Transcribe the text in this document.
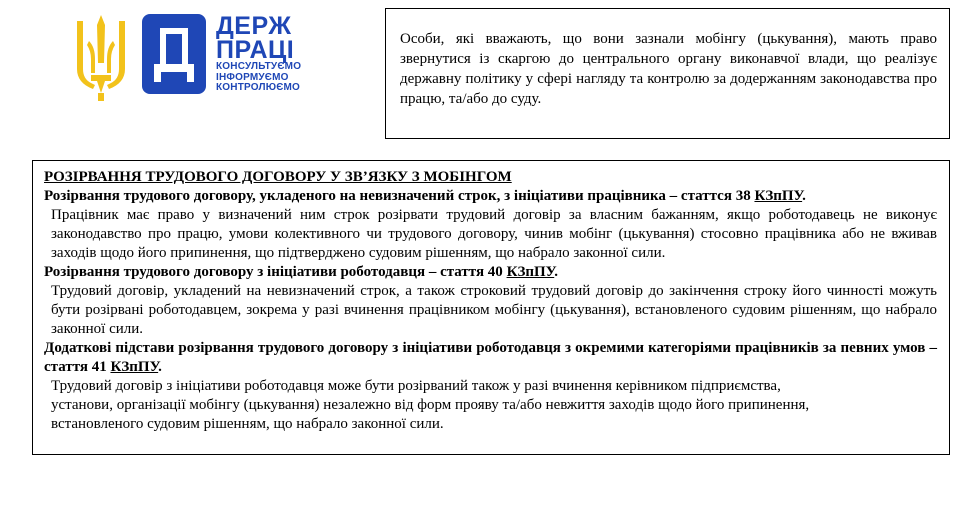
ДЕРЖ
ПРАЦІ
КОНСУЛЬТУЄМО
ІНФОРМУЄМО
КОНТРОЛЮЄМО

Особи, які вважають, що вони зазнали мобінгу (цькування), мають право звернутися із скаргою до центрального органу виконавчої влади, що реалізує державну політику у сфері нагляду та контролю за додержанням законодавства про працю, та/або до суду.

РОЗІРВАННЯ ТРУДОВОГО ДОГОВОРУ У ЗВ’ЯЗКУ З МОБІНГОМ

Розірвання трудового договору, укладеного на невизначений строк, з ініціативи працівника – статтся 38 КЗпПУ.

Працівник має право у визначений ним строк розірвати трудовий договір за власним бажанням, якщо роботодавець не виконує законодавство про працю, умови колективного чи трудового договору, чинив мобінг (цькування) стосовно працівника або не вживав заходів щодо його припинення, що підтверджено судовим рішенням, що набрало законної сили.

Розірвання трудового договору з ініціативи роботодавця – стаття 40 КЗпПУ.

Трудовий договір, укладений на невизначений строк, а також строковий трудовий договір до закінчення строку його чинності можуть бути розірвані роботодавцем, зокрема у разі вчинення працівником мобінгу (цькування), встановленого судовим рішенням, що набрало законної сили.

Додаткові підстави розірвання трудового договору з ініціативи роботодавця з окремими категоріями працівників за певних умов – стаття 41 КЗпПУ.

Трудовий договір з ініціативи роботодавця може бути розірваний також у разі вчинення керівником підприємства,

установи, організації мобінгу (цькування) незалежно від форм прояву та/або невжиття заходів щодо його припинення,

встановленого судовим рішенням, що набрало законної сили.
